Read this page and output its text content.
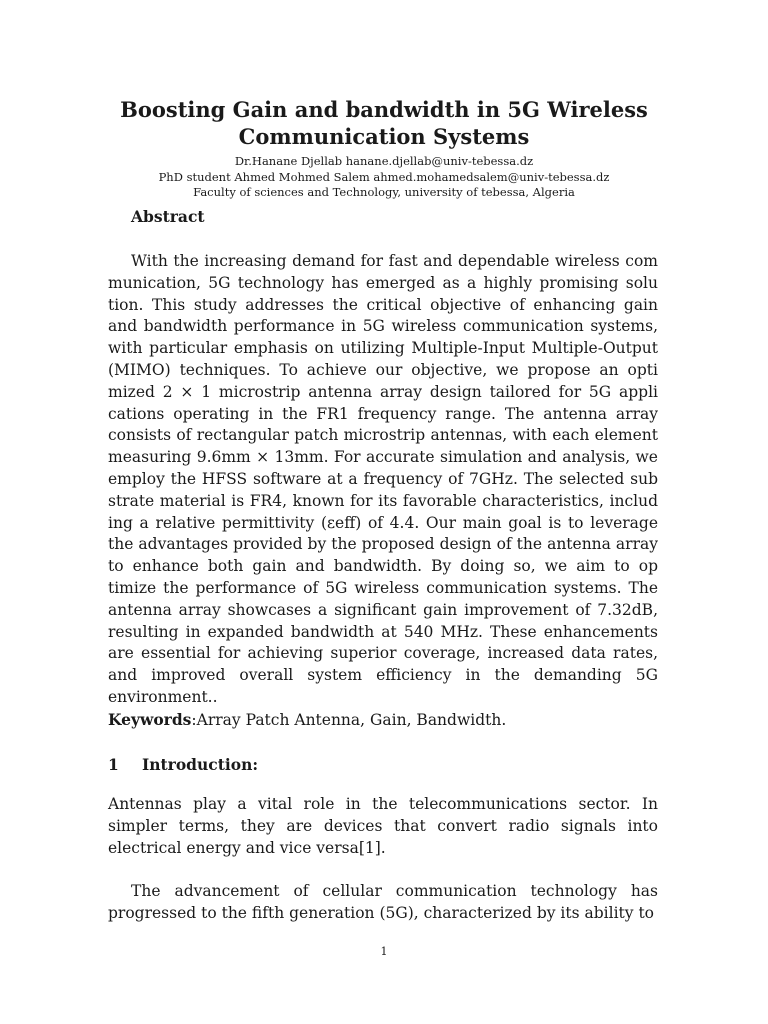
Boosting Gain and bandwidth in 5G Wireless
Communication Systems
Dr.Hanane Djellab hanane.djellab@univ-tebessa.dz
PhD student Ahmed Mohmed Salem ahmed.mohamedsalem@univ-tebessa.dz
Faculty of sciences and Technology, university of tebessa, Algeria
Abstract
With the increasing demand for fast and dependable wireless com munication, 5G technology has emerged as a highly promising solu tion. This study addresses the critical objective of enhancing gain and bandwidth performance in 5G wireless communication systems, with particular emphasis on utilizing Multiple-Input Multiple-Output (MIMO) techniques. To achieve our objective, we propose an opti mized 2 × 1 microstrip antenna array design tailored for 5G appli cations operating in the FR1 frequency range. The antenna array consists of rectangular patch microstrip antennas, with each element measuring 9.6mm × 13mm. For accurate simulation and analysis, we employ the HFSS software at a frequency of 7GHz. The selected sub strate material is FR4, known for its favorable characteristics, includ ing a relative permittivity (εeff) of 4.4. Our main goal is to leverage the advantages provided by the proposed design of the antenna array to enhance both gain and bandwidth. By doing so, we aim to op timize the performance of 5G wireless communication systems. The antenna array showcases a significant gain improvement of 7.32dB, resulting in expanded bandwidth at 540 MHz. These enhancements are essential for achieving superior coverage, increased data rates, and improved overall system efficiency in the demanding 5G environment..
Keywords:Array Patch Antenna, Gain, Bandwidth.
1 Introduction:
Antennas play a vital role in the telecommunications sector. In simpler terms, they are devices that convert radio signals into electrical energy and vice versa[1].
The advancement of cellular communication technology has progressed to the fifth generation (5G), characterized by its ability to
1
